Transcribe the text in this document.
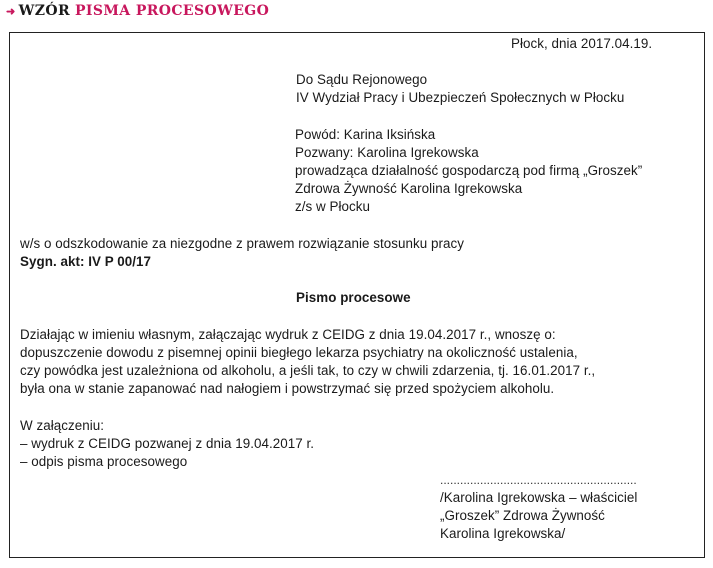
➜ WZÓR PISMA PROCESOWEGO
Płock, dnia 2017.04.19.
Do Sądu Rejonowego
IV Wydział Pracy i Ubezpieczeń Społecznych w Płocku
Powód: Karina Iksińska
Pozwany: Karolina Igrekowska
prowadząca działalność gospodarczą pod firmą „Groszek”
Zdrowa Żywność Karolina Igrekowska
z/s w Płocku
w/s o odszkodowanie za niezgodne z prawem rozwiązanie stosunku pracy
Sygn. akt: IV P 00/17
Pismo procesowe
Działając w imieniu własnym, załączając wydruk z CEIDG z dnia 19.04.2017 r., wnoszę o:
dopuszczenie dowodu z pisemnej opinii biegłego lekarza psychiatry na okoliczność ustalenia,
czy powódka jest uzależniona od alkoholu, a jeśli tak, to czy w chwili zdarzenia, tj. 16.01.2017 r.,
była ona w stanie zapanować nad nałogiem i powstrzymać się przed spożyciem alkoholu.
W załączeniu:
– wydruk z CEIDG pozwanej z dnia 19.04.2017 r.
– odpis pisma procesowego
...........................................................
/Karolina Igrekowska – właściciel
„Groszek” Zdrowa Żywność
Karolina Igrekowska/
